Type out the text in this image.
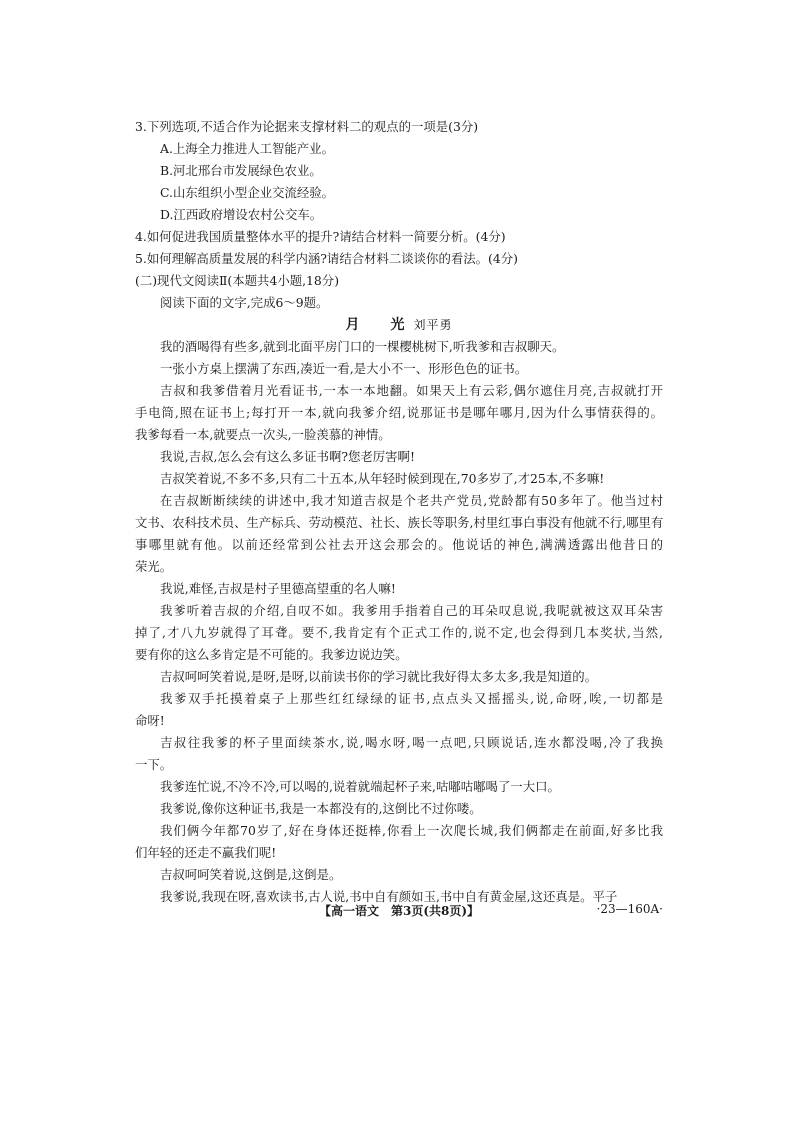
3.下列选项,不适合作为论据来支撑材料二的观点的一项是(3分)
A.上海全力推进人工智能产业。
B.河北邢台市发展绿色农业。
C.山东组织小型企业交流经验。
D.江西政府增设农村公交车。
4.如何促进我国质量整体水平的提升?请结合材料一简要分析。(4分)
5.如何理解高质量发展的科学内涵?请结合材料二谈谈你的看法。(4分)
(二)现代文阅读Ⅱ(本题共4小题,18分)
阅读下面的文字,完成6～9题。
月　　光 刘平勇
我的酒喝得有些多,就到北面平房门口的一棵樱桃树下,听我爹和吉叔聊天。
一张小方桌上摆满了东西,凑近一看,是大小不一、形形色色的证书。
吉叔和我爹借着月光看证书,一本一本地翻。如果天上有云彩,偶尔遮住月亮,吉叔就打开
手电筒,照在证书上;每打开一本,就向我爹介绍,说那证书是哪年哪月,因为什么事情获得的。
我爹每看一本,就要点一次头,一脸羡慕的神情。
我说,吉叔,怎么会有这么多证书啊?您老厉害啊!
吉叔笑着说,不多不多,只有二十五本,从年轻时候到现在,70多岁了,才25本,不多嘛!
在吉叔断断续续的讲述中,我才知道吉叔是个老共产党员,党龄都有50多年了。他当过村
文书、农科技术员、生产标兵、劳动模范、社长、族长等职务,村里红事白事没有他就不行,哪里有
事哪里就有他。以前还经常到公社去开这会那会的。他说话的神色,满满透露出他昔日的
荣光。
我说,难怪,吉叔是村子里德高望重的名人嘛!
我爹听着吉叔的介绍,自叹不如。我爹用手指着自己的耳朵叹息说,我呢就被这双耳朵害
掉了,才八九岁就得了耳聋。要不,我肯定有个正式工作的,说不定,也会得到几本奖状,当然,
要有你的这么多肯定是不可能的。我爹边说边笑。
吉叔呵呵笑着说,是呀,是呀,以前读书你的学习就比我好得太多太多,我是知道的。
我爹双手托摸着桌子上那些红红绿绿的证书,点点头又摇摇头,说,命呀,唉,一切都是
命呀!
吉叔往我爹的杯子里面续茶水,说,喝水呀,喝一点吧,只顾说话,连水都没喝,冷了我换
一下。
我爹连忙说,不冷不冷,可以喝的,说着就端起杯子来,咕嘟咕嘟喝了一大口。
我爹说,像你这种证书,我是一本都没有的,这倒比不过你喽。
我们俩今年都70岁了,好在身体还挺棒,你看上一次爬长城,我们俩都走在前面,好多比我
们年轻的还走不赢我们呢!
吉叔呵呵笑着说,这倒是,这倒是。
我爹说,我现在呀,喜欢读书,古人说,书中自有颜如玉,书中自有黄金屋,这还真是。平子
【高一语文　第3页(共8页)】	·23—160A·
